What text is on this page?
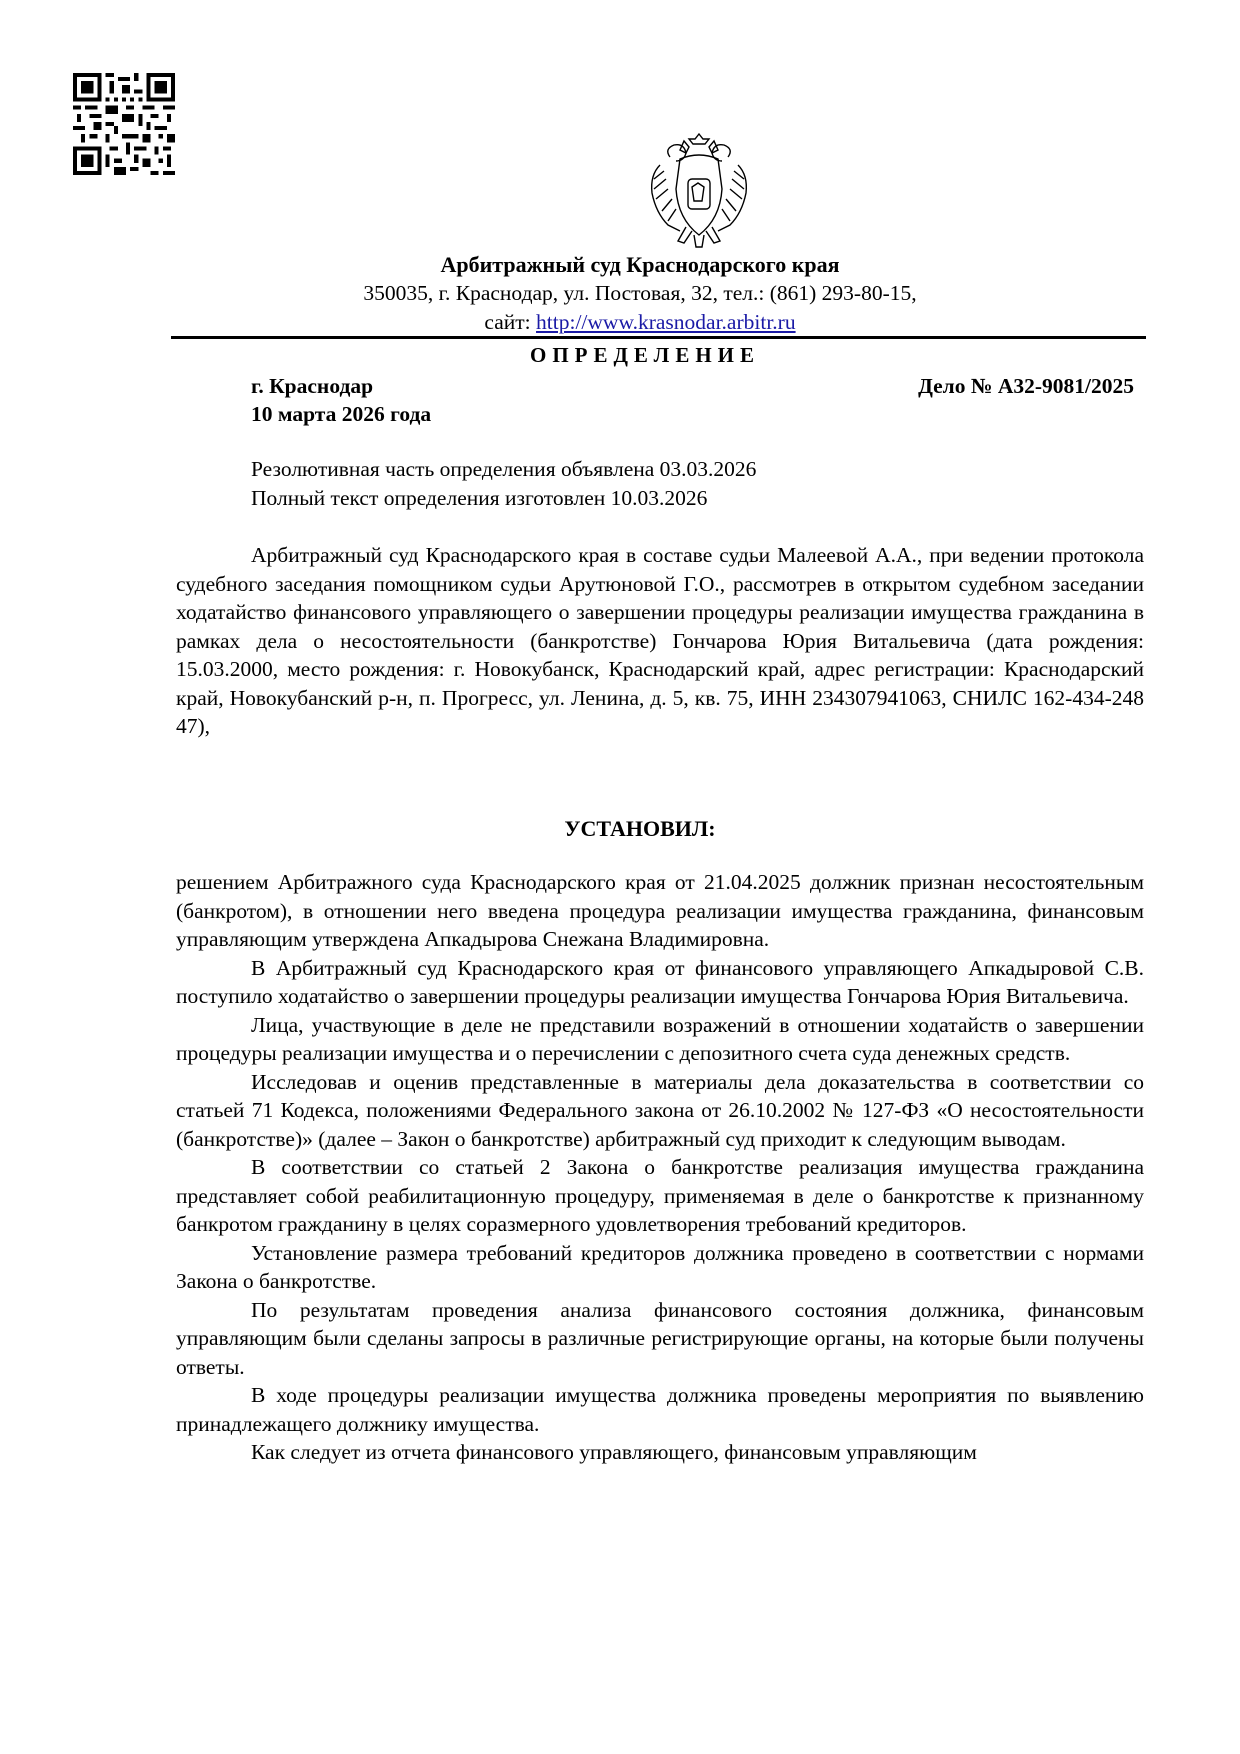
Арбитражный суд Краснодарского края
350035, г. Краснодар, ул. Постовая, 32, тел.: (861) 293-80-15,
сайт: http://www.krasnodar.arbitr.ru
ОПРЕДЕЛЕНИЕ
г. Краснодар
10 марта 2026 года
Дело № А32-9081/2025
Резолютивная часть определения объявлена 03.03.2026
Полный текст определения изготовлен 10.03.2026

Арбитражный суд Краснодарского края в составе судьи Малеевой А.А., при ведении протокола судебного заседания помощником судьи Арутюновой Г.О., рассмотрев в открытом судебном заседании ходатайство финансового управляющего о завершении процедуры реализации имущества гражданина в рамках дела о несостоятельности (банкротстве) Гончарова Юрия Витальевича (дата рождения: 15.03.2000, место рождения: г. Новокубанск, Краснодарский край, адрес регистрации: Краснодарский край, Новокубанский р-н, п. Прогресс, ул. Ленина, д. 5, кв. 75, ИНН 234307941063, СНИЛС 162-434-248 47),

УСТАНОВИЛ:

решением Арбитражного суда Краснодарского края от 21.04.2025 должник признан несостоятельным (банкротом), в отношении него введена процедура реализации имущества гражданина, финансовым управляющим утверждена Апкадырова Снежана Владимировна.

В Арбитражный суд Краснодарского края от финансового управляющего Апкадыровой С.В. поступило ходатайство о завершении процедуры реализации имущества Гончарова Юрия Витальевича.

Лица, участвующие в деле не представили возражений в отношении ходатайств о завершении процедуры реализации имущества и о перечислении с депозитного счета суда денежных средств.

Исследовав и оценив представленные в материалы дела доказательства в соответствии со статьей 71 Кодекса, положениями Федерального закона от 26.10.2002 № 127-ФЗ «О несостоятельности (банкротстве)» (далее – Закон о банкротстве) арбитражный суд приходит к следующим выводам.

В соответствии со статьей 2 Закона о банкротстве реализация имущества гражданина представляет собой реабилитационную процедуру, применяемая в деле о банкротстве к признанному банкротом гражданину в целях соразмерного удовлетворения требований кредиторов.

Установление размера требований кредиторов должника проведено в соответствии с нормами Закона о банкротстве.

По результатам проведения анализа финансового состояния должника, финансовым управляющим были сделаны запросы в различные регистрирующие органы, на которые были получены ответы.

В ходе процедуры реализации имущества должника проведены мероприятия по выявлению принадлежащего должнику имущества.

Как следует из отчета финансового управляющего, финансовым управляющим
